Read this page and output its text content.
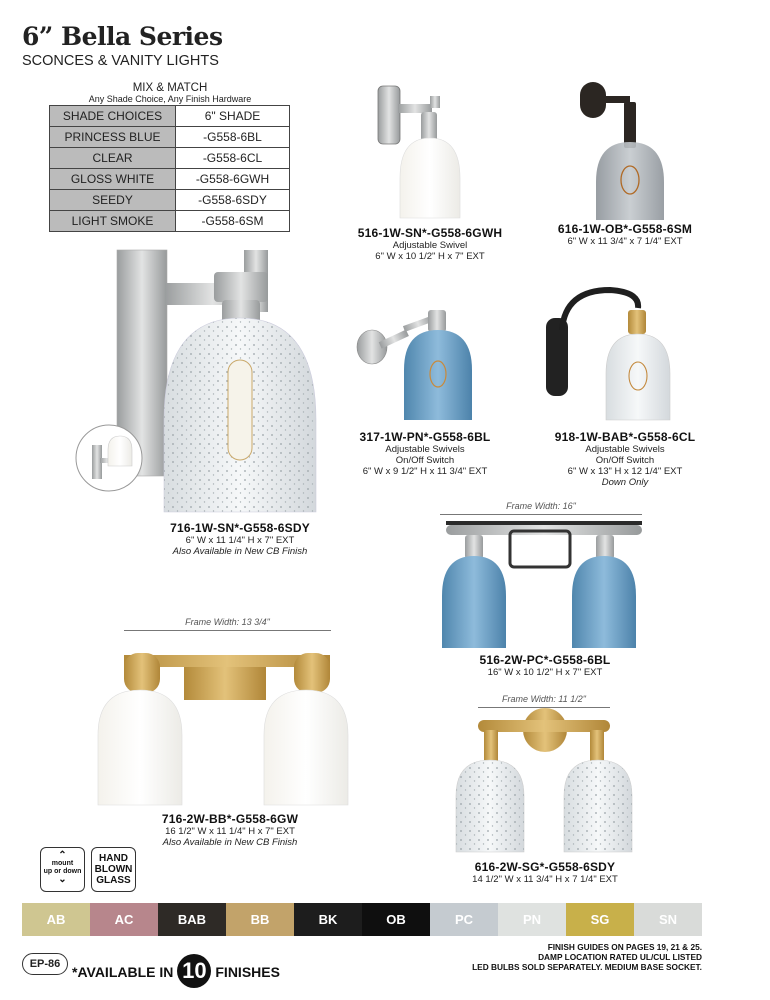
6” Bella Series
SCONCES & VANITY LIGHTS
MIX & MATCH
Any Shade Choice, Any Finish Hardware
SHADE CHOICES	6" SHADE
PRINCESS BLUE	-G558-6BL
CLEAR	-G558-6CL
GLOSS WHITE	-G558-6GWH
SEEDY	-G558-6SDY
LIGHT SMOKE	-G558-6SM
516-1W-SN*-G558-6GWH
Adjustable Swivel
6" W x 10 1/2" H x 7" EXT
616-1W-OB*-G558-6SM
6" W x 11 3/4" x 7 1/4" EXT
716-1W-SN*-G558-6SDY
6" W x 11 1/4" H x 7" EXT
Also Available in New CB Finish
317-1W-PN*-G558-6BL
Adjustable Swivels
On/Off Switch
6" W x 9 1/2" H x 11 3/4" EXT
918-1W-BAB*-G558-6CL
Adjustable Swivels
On/Off Switch
6" W x 13" H x 12 1/4" EXT
Down Only
Frame Width: 16"
516-2W-PC*-G558-6BL
16" W x 10 1/2" H x 7" EXT
Frame Width: 13 3/4"
716-2W-BB*-G558-6GW
16 1/2" W x 11 1/4" H x 7" EXT
Also Available in New CB Finish
Frame Width: 11 1/2"
616-2W-SG*-G558-6SDY
14 1/2" W x 11 3/4" H x 7 1/4" EXT
⌃
mount
up or down
⌄
HAND
BLOWN
GLASS
AB	AC	BAB	BB	BK	OB	PC	PN	SG	SN
EP-86 *AVAILABLE IN 10 FINISHES
FINISH GUIDES ON PAGES 19, 21 & 25.
DAMP LOCATION RATED UL/CUL LISTED
LED BULBS SOLD SEPARATELY. MEDIUM BASE SOCKET.
